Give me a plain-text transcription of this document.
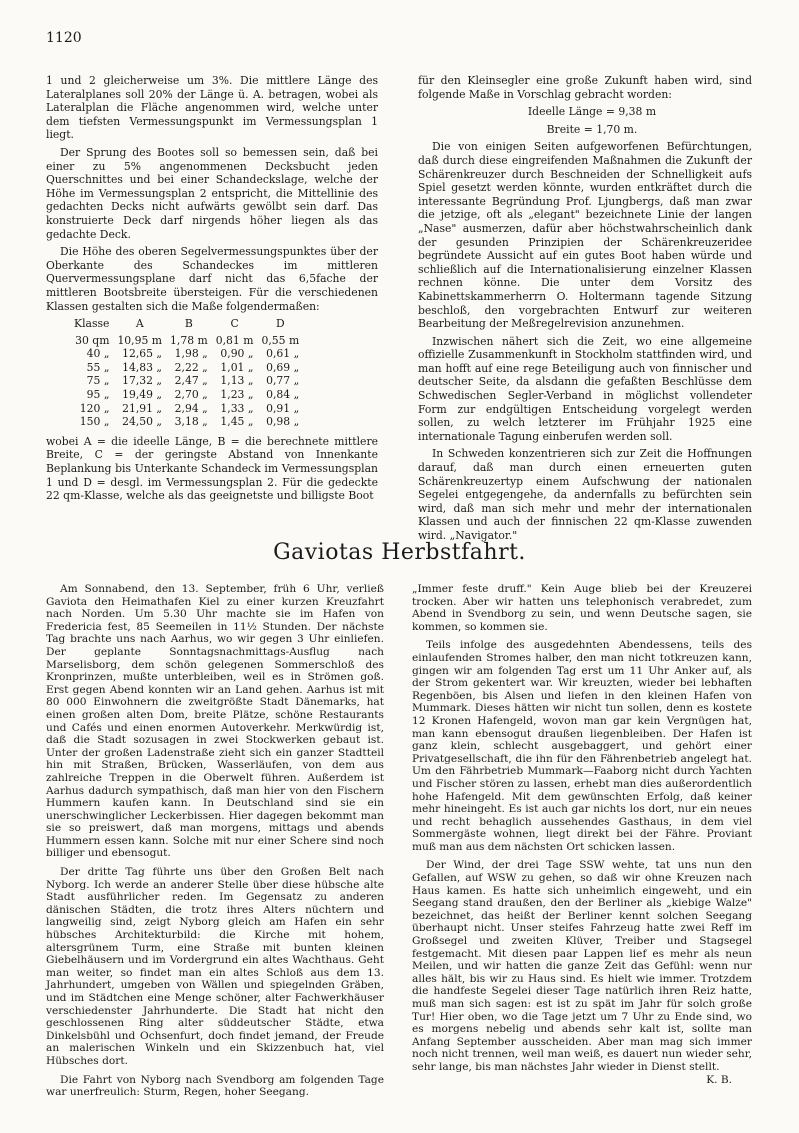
1120

1 und 2 gleicherweise um 3%. Die mittlere Länge des Lateralplanes soll 20% der Länge ü. A. betragen, wobei als Lateralplan die Fläche angenommen wird, welche unter dem tiefsten Vermessungspunkt im Vermessungsplan 1 liegt.

Der Sprung des Bootes soll so bemessen sein, daß bei einer zu 5% angenommenen Decksbucht jeden Querschnittes und bei einer Schandeckslage, welche der Höhe im Vermessungsplan 2 entspricht, die Mittellinie des gedachten Decks nicht aufwärts gewölbt sein darf. Das konstruierte Deck darf nirgends höher liegen als das gedachte Deck.

Die Höhe des oberen Segelvermessungspunktes über der Oberkante des Schandeckes im mittleren Quervermessungsplane darf nicht das 6,5fache der mittleren Bootsbreite übersteigen. Für die verschiedenen Klassen gestalten sich die Maße folgendermaßen:

Klasse	A	B	C	D
30 qm	10,95 m	1,78 m	0,81 m	0,55 m
40 „	12,65 „	1,98 „	0,90 „	0,61 „
55 „	14,83 „	2,22 „	1,01 „	0,69 „
75 „	17,32 „	2,47 „	1,13 „	0,77 „
95 „	19,49 „	2,70 „	1,23 „	0,84 „
120 „	21,91 „	2,94 „	1,33 „	0,91 „
150 „	24,50 „	3,18 „	1,45 „	0,98 „

wobei A = die ideelle Länge, B = die berechnete mittlere Breite, C = der geringste Abstand von Innenkante Beplankung bis Unterkante Schandeck im Vermessungsplan 1 und D = desgl. im Vermessungsplan 2. Für die gedeckte 22 qm-Klasse, welche als das geeignetste und billigste Boot

für den Kleinsegler eine große Zukunft haben wird, sind folgende Maße in Vorschlag gebracht worden:

Ideelle Länge = 9,38 m

Breite = 1,70 m.

Die von einigen Seiten aufgeworfenen Befürchtungen, daß durch diese eingreifenden Maßnahmen die Zukunft der Schärenkreuzer durch Beschneiden der Schnelligkeit aufs Spiel gesetzt werden könnte, wurden entkräftet durch die interessante Begründung Prof. Ljungbergs, daß man zwar die jetzige, oft als „elegant" bezeichnete Linie der langen „Nase" ausmerzen, dafür aber höchstwahrscheinlich dank der gesunden Prinzipien der Schärenkreuzeridee begründete Aussicht auf ein gutes Boot haben würde und schließlich auf die Internationalisierung einzelner Klassen rechnen könne. Die unter dem Vorsitz des Kabinettskammerherrn O. Holtermann tagende Sitzung beschloß, den vorgebrachten Entwurf zur weiteren Bearbeitung der Meßregelrevision anzunehmen.

Inzwischen nähert sich die Zeit, wo eine allgemeine offizielle Zusammenkunft in Stockholm stattfinden wird, und man hofft auf eine rege Beteiligung auch von finnischer und deutscher Seite, da alsdann die gefaßten Beschlüsse dem Schwedischen Segler-Verband in möglichst vollendeter Form zur endgültigen Entscheidung vorgelegt werden sollen, zu welch letzterer im Frühjahr 1925 eine internationale Tagung einberufen werden soll.

In Schweden konzentrieren sich zur Zeit die Hoffnungen darauf, daß man durch einen erneuerten guten Schärenkreuzertyp einem Aufschwung der nationalen Segelei entgegengehe, da andernfalls zu befürchten sein wird, daß man sich mehr und mehr der internationalen Klassen und auch der finnischen 22 qm-Klasse zuwenden wird. „Navigator."

Gaviotas Herbstfahrt.

Am Sonnabend, den 13. September, früh 6 Uhr, verließ Gaviota den Heimathafen Kiel zu einer kurzen Kreuzfahrt nach Norden. Um 5.30 Uhr machte sie im Hafen von Fredericia fest, 85 Seemeilen in 11½ Stunden. Der nächste Tag brachte uns nach Aarhus, wo wir gegen 3 Uhr einliefen. Der geplante Sonntagsnachmittags-Ausflug nach Marselisborg, dem schön gelegenen Sommerschloß des Kronprinzen, mußte unterbleiben, weil es in Strömen goß. Erst gegen Abend konnten wir an Land gehen. Aarhus ist mit 80 000 Einwohnern die zweitgrößte Stadt Dänemarks, hat einen großen alten Dom, breite Plätze, schöne Restaurants und Cafés und einen enormen Autoverkehr. Merkwürdig ist, daß die Stadt sozusagen in zwei Stockwerken gebaut ist. Unter der großen Ladenstraße zieht sich ein ganzer Stadtteil hin mit Straßen, Brücken, Wasserläufen, von dem aus zahlreiche Treppen in die Oberwelt führen. Außerdem ist Aarhus dadurch sympathisch, daß man hier von den Fischern Hummern kaufen kann. In Deutschland sind sie ein unerschwinglicher Leckerbissen. Hier dagegen bekommt man sie so preiswert, daß man morgens, mittags und abends Hummern essen kann. Solche mit nur einer Schere sind noch billiger und ebensogut.

Der dritte Tag führte uns über den Großen Belt nach Nyborg. Ich werde an anderer Stelle über diese hübsche alte Stadt ausführlicher reden. Im Gegensatz zu anderen dänischen Städten, die trotz ihres Alters nüchtern und langweilig sind, zeigt Nyborg gleich am Hafen ein sehr hübsches Architekturbild: die Kirche mit hohem, altersgrünem Turm, eine Straße mit bunten kleinen Giebelhäusern und im Vordergrund ein altes Wachthaus. Geht man weiter, so findet man ein altes Schloß aus dem 13. Jahrhundert, umgeben von Wällen und spiegelnden Gräben, und im Städtchen eine Menge schöner, alter Fachwerkhäuser verschiedenster Jahrhunderte. Die Stadt hat nicht den geschlossenen Ring alter süddeutscher Städte, etwa Dinkelsbühl und Ochsenfurt, doch findet jemand, der Freude an malerischen Winkeln und ein Skizzenbuch hat, viel Hübsches dort.

Die Fahrt von Nyborg nach Svendborg am folgenden Tage war unerfreulich: Sturm, Regen, hoher Seegang.

„Immer feste druff." Kein Auge blieb bei der Kreuzerei trocken. Aber wir hatten uns telephonisch verabredet, zum Abend in Svendborg zu sein, und wenn Deutsche sagen, sie kommen, so kommen sie.

Teils infolge des ausgedehnten Abendessens, teils des einlaufenden Stromes halber, den man nicht totkreuzen kann, gingen wir am folgenden Tag erst um 11 Uhr Anker auf, als der Strom gekentert war. Wir kreuzten, wieder bei lebhaften Regenböen, bis Alsen und liefen in den kleinen Hafen von Mummark. Dieses hätten wir nicht tun sollen, denn es kostete 12 Kronen Hafengeld, wovon man gar kein Vergnügen hat, man kann ebensogut draußen liegenbleiben. Der Hafen ist ganz klein, schlecht ausgebaggert, und gehört einer Privatgesellschaft, die ihn für den Fährenbetrieb angelegt hat. Um den Fährbetrieb Mummark—Faaborg nicht durch Yachten und Fischer stören zu lassen, erhebt man dies außerordentlich hohe Hafengeld. Mit dem gewünschten Erfolg, daß keiner mehr hineingeht. Es ist auch gar nichts los dort, nur ein neues und recht behaglich aussehendes Gasthaus, in dem viel Sommergäste wohnen, liegt direkt bei der Fähre. Proviant muß man aus dem nächsten Ort schicken lassen.

Der Wind, der drei Tage SSW wehte, tat uns nun den Gefallen, auf WSW zu gehen, so daß wir ohne Kreuzen nach Haus kamen. Es hatte sich unheimlich eingeweht, und ein Seegang stand draußen, den der Berliner als „kiebige Walze" bezeichnet, das heißt der Berliner kennt solchen Seegang überhaupt nicht. Unser steifes Fahrzeug hatte zwei Reff im Großsegel und zweiten Klüver, Treiber und Stagsegel festgemacht. Mit diesen paar Lappen lief es mehr als neun Meilen, und wir hatten die ganze Zeit das Gefühl: wenn nur alles hält, bis wir zu Haus sind. Es hielt wie immer. Trotzdem die handfeste Segelei dieser Tage natürlich ihren Reiz hatte, muß man sich sagen: est ist zu spät im Jahr für solch große Tur! Hier oben, wo die Tage jetzt um 7 Uhr zu Ende sind, wo es morgens nebelig und abends sehr kalt ist, sollte man Anfang September ausscheiden. Aber man mag sich immer noch nicht trennen, weil man weiß, es dauert nun wieder sehr, sehr lange, bis man nächstes Jahr wieder in Dienst stellt.
K. B.
